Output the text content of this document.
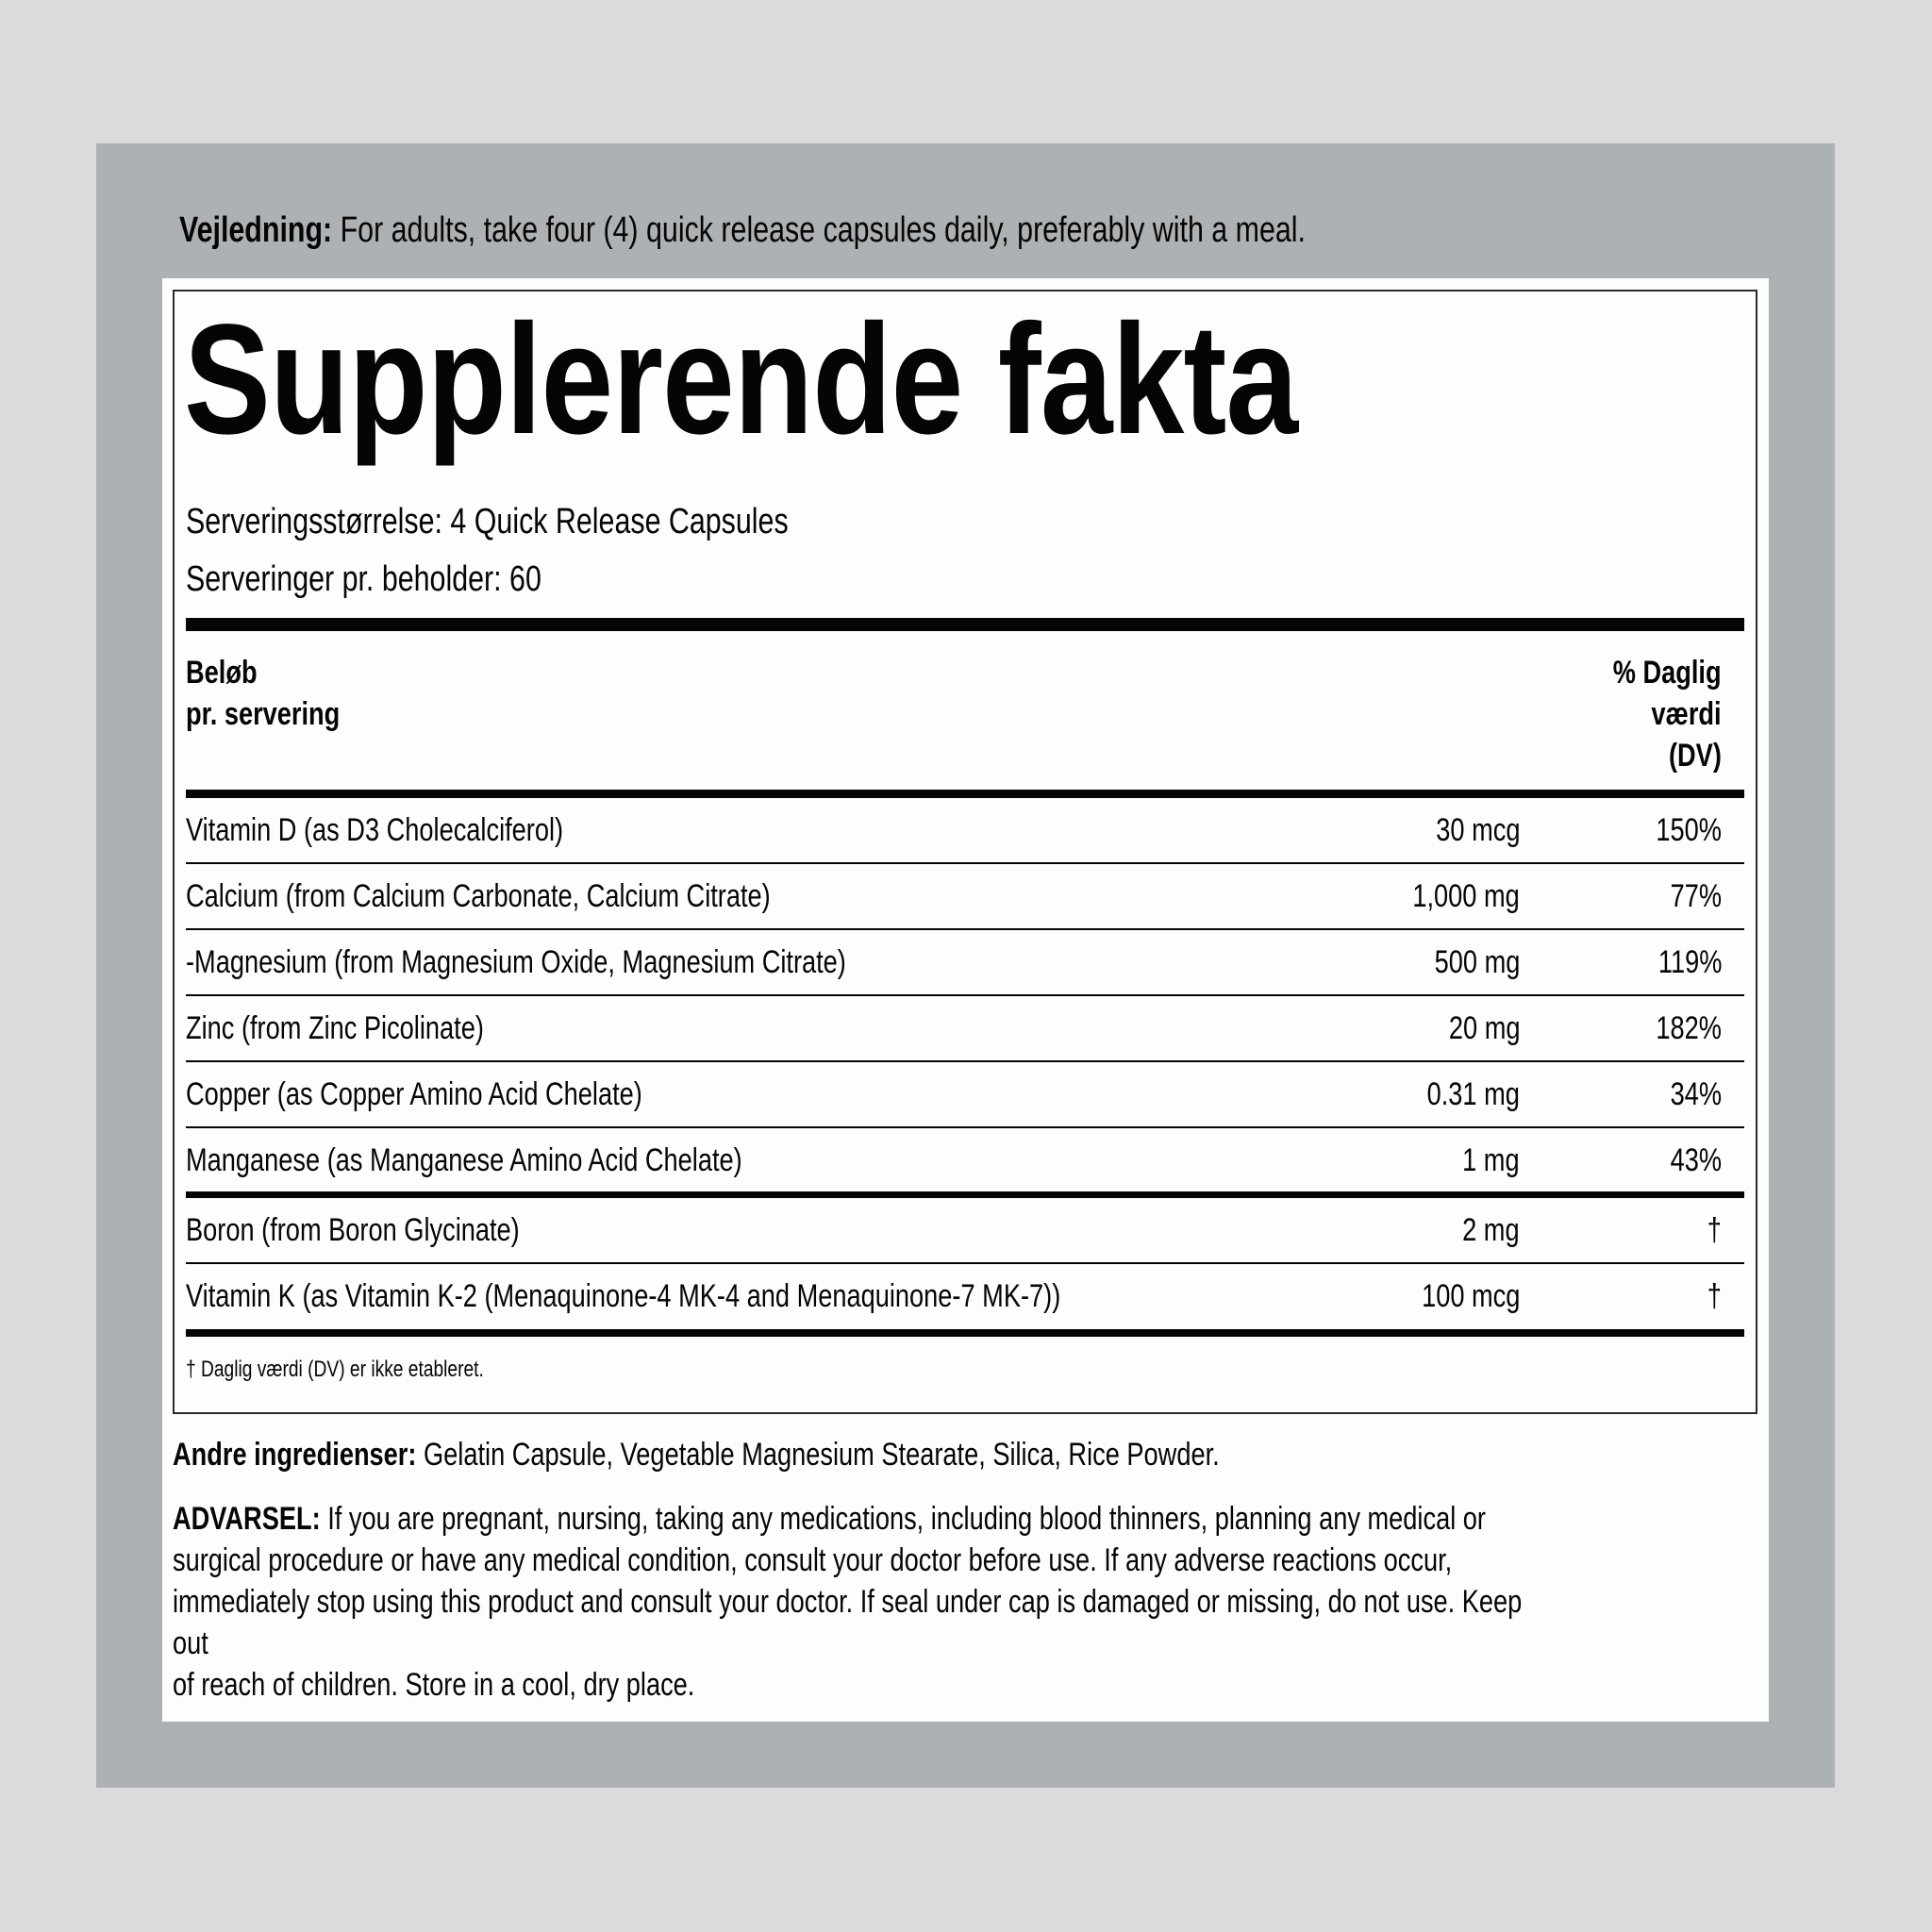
Vejledning: For adults, take four (4) quick release capsules daily, preferably with a meal.
Supplerende fakta
Serveringsstørrelse: 4 Quick Release Capsules
Serveringer pr. beholder: 60
Beløb
pr. servering
% Daglig
værdi
(DV)
Vitamin D (as D3 Cholecalciferol)	30 mcg	150%
Calcium (from Calcium Carbonate, Calcium Citrate)	1,000 mg	77%
-Magnesium (from Magnesium Oxide, Magnesium Citrate)	500 mg	119%
Zinc (from Zinc Picolinate)	20 mg	182%
Copper (as Copper Amino Acid Chelate)	0.31 mg	34%
Manganese (as Manganese Amino Acid Chelate)	1 mg	43%
Boron (from Boron Glycinate)	2 mg	†
Vitamin K (as Vitamin K-2 (Menaquinone-4 MK-4 and Menaquinone-7 MK-7))	100 mcg	†
† Daglig værdi (DV) er ikke etableret.
Andre ingredienser: Gelatin Capsule, Vegetable Magnesium Stearate, Silica, Rice Powder.
ADVARSEL: If you are pregnant, nursing, taking any medications, including blood thinners, planning any medical or
surgical procedure or have any medical condition, consult your doctor before use. If any adverse reactions occur,
immediately stop using this product and consult your doctor. If seal under cap is damaged or missing, do not use. Keep
out
of reach of children. Store in a cool, dry place.
